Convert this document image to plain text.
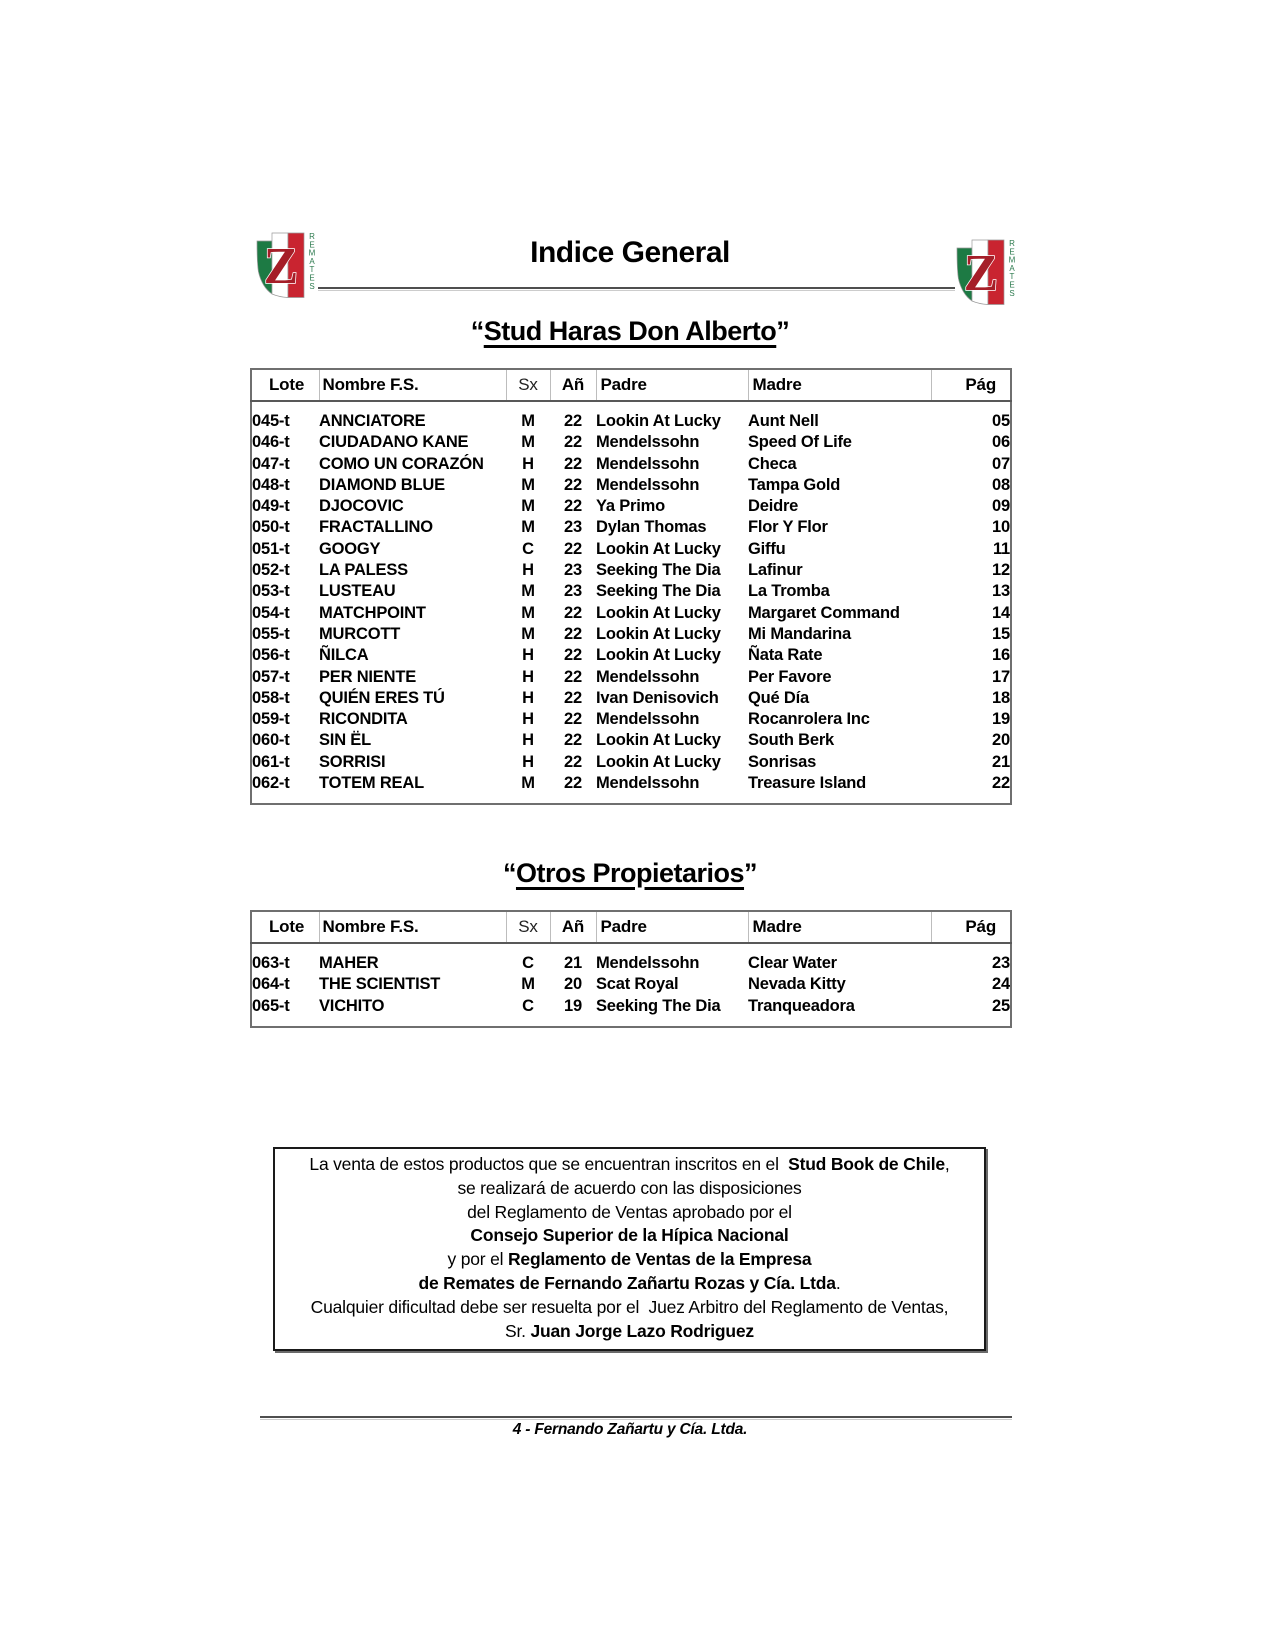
Z
R E M A T E S	Z
R E M A T E S
Indice General
“Stud Haras Don Alberto”
Lote	Nombre F.S.	Sx	Añ	Padre	Madre	Pág
045-t	ANNCIATORE	M	22	Lookin At Lucky	Aunt Nell	05
046-t	CIUDADANO KANE	M	22	Mendelssohn	Speed Of Life	06
047-t	COMO UN CORAZÓN	H	22	Mendelssohn	Checa	07
048-t	DIAMOND BLUE	M	22	Mendelssohn	Tampa Gold	08
049-t	DJOCOVIC	M	22	Ya Primo	Deidre	09
050-t	FRACTALLINO	M	23	Dylan Thomas	Flor Y Flor	10
051-t	GOOGY	C	22	Lookin At Lucky	Giffu	11
052-t	LA PALESS	H	23	Seeking The Dia	Lafinur	12
053-t	LUSTEAU	M	23	Seeking The Dia	La Tromba	13
054-t	MATCHPOINT	M	22	Lookin At Lucky	Margaret Command	14
055-t	MURCOTT	M	22	Lookin At Lucky	Mi Mandarina	15
056-t	ÑILCA	H	22	Lookin At Lucky	Ñata Rate	16
057-t	PER NIENTE	H	22	Mendelssohn	Per Favore	17
058-t	QUIÉN ERES TÚ	H	22	Ivan Denisovich	Qué Día	18
059-t	RICONDITA	H	22	Mendelssohn	Rocanrolera Inc	19
060-t	SIN ËL	H	22	Lookin At Lucky	South Berk	20
061-t	SORRISI	H	22	Lookin At Lucky	Sonrisas	21
062-t	TOTEM REAL	M	22	Mendelssohn	Treasure Island	22
“Otros Propietarios”
Lote	Nombre F.S.	Sx	Añ	Padre	Madre	Pág
063-t	MAHER	C	21	Mendelssohn	Clear Water	23
064-t	THE SCIENTIST	M	20	Scat Royal	Nevada Kitty	24
065-t	VICHITO	C	19	Seeking The Dia	Tranqueadora	25
La venta de estos productos que se encuentran inscritos en el  Stud Book de Chile,
se realizará de acuerdo con las disposiciones
del Reglamento de Ventas aprobado por el
Consejo Superior de la Hípica Nacional
y por el Reglamento de Ventas de la Empresa
de Remates de Fernando Zañartu Rozas y Cía. Ltda.
Cualquier dificultad debe ser resuelta por el  Juez Arbitro del Reglamento de Ventas,
Sr. Juan Jorge Lazo Rodriguez
4 - Fernando Zañartu y Cía. Ltda.
